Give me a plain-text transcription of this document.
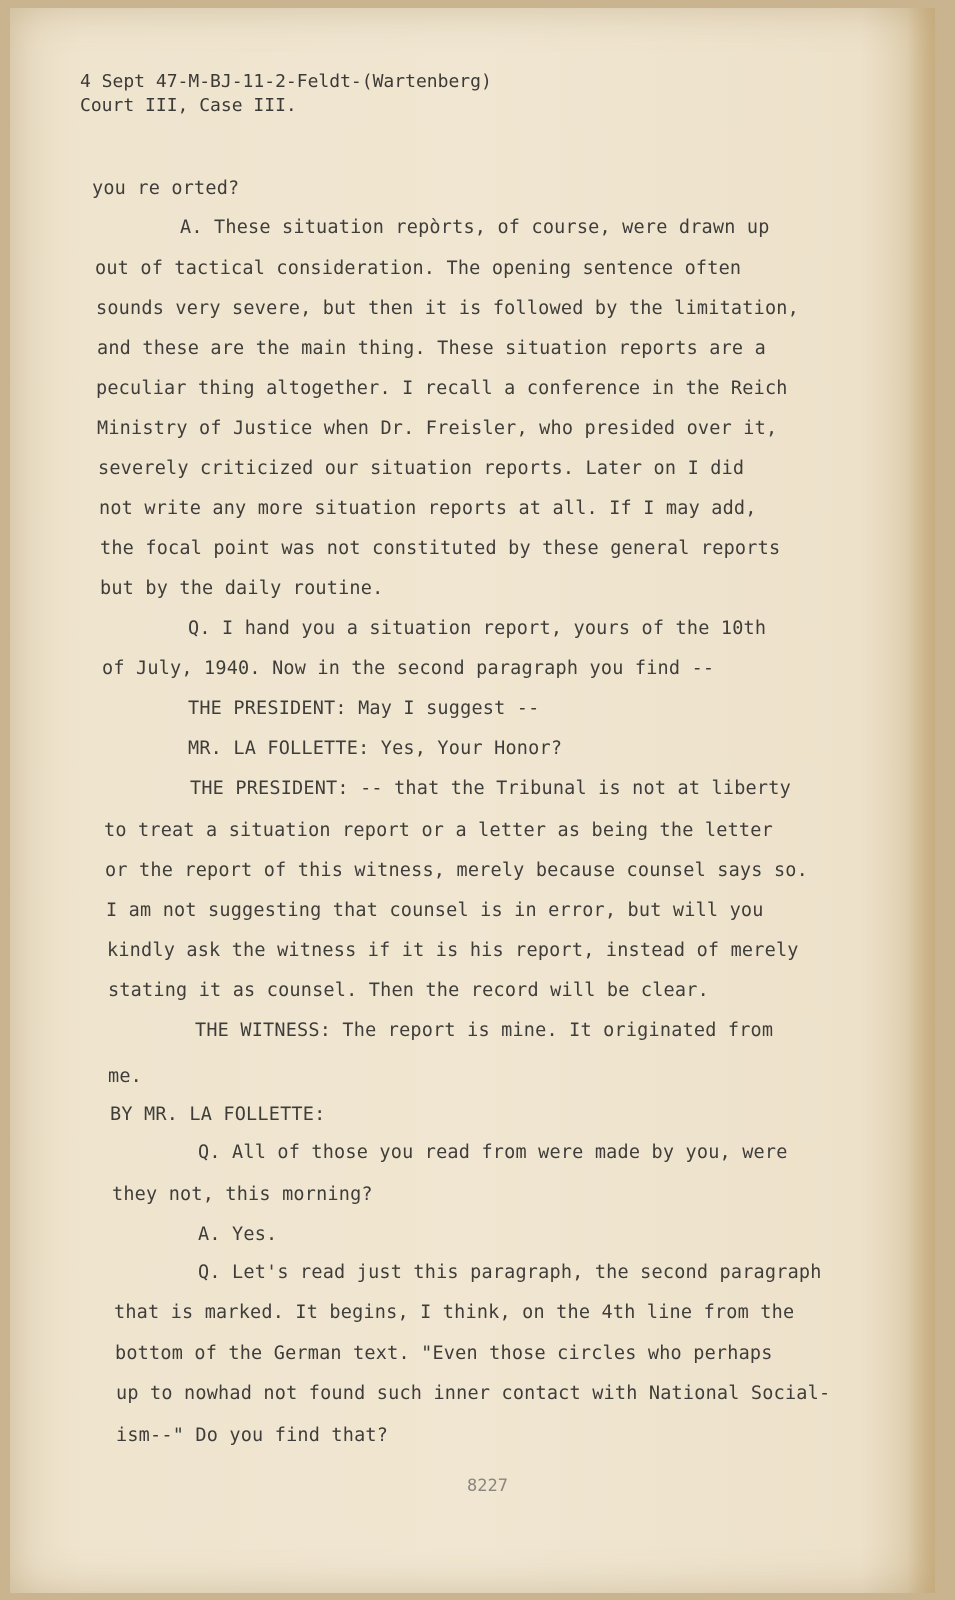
4 Sept 47-M-BJ-11-2-Feldt-(Wartenberg)
Court III, Case III.
you re orted?
A. These situation repòrts, of course, were drawn up
out of tactical consideration. The opening sentence often
sounds very severe, but then it is followed by the limitation,
and these are the main thing. These situation reports are a
peculiar thing altogether. I recall a conference in the Reich
Ministry of Justice when Dr. Freisler, who presided over it,
severely criticized our situation reports. Later on I did
not write any more situation reports at all. If I may add,
the focal point was not constituted by these general reports
but by the daily routine.
Q. I hand you a situation report, yours of the 10th
of July, 1940. Now in the second paragraph you find --
THE PRESIDENT: May I suggest --
MR. LA FOLLETTE: Yes, Your Honor?
THE PRESIDENT: -- that the Tribunal is not at liberty
to treat a situation report or a letter as being the letter
or the report of this witness, merely because counsel says so.
I am not suggesting that counsel is in error, but will you
kindly ask the witness if it is his report, instead of merely
stating it as counsel. Then the record will be clear.
THE WITNESS: The report is mine. It originated from
me.
BY MR. LA FOLLETTE:
Q. All of those you read from were made by you, were
they not, this morning?
A. Yes.
Q. Let's read just this paragraph, the second paragraph
that is marked. It begins, I think, on the 4th line from the
bottom of the German text. "Even those circles who perhaps
up to nowhad not found such inner contact with National Social-
ism--" Do you find that?
8227
